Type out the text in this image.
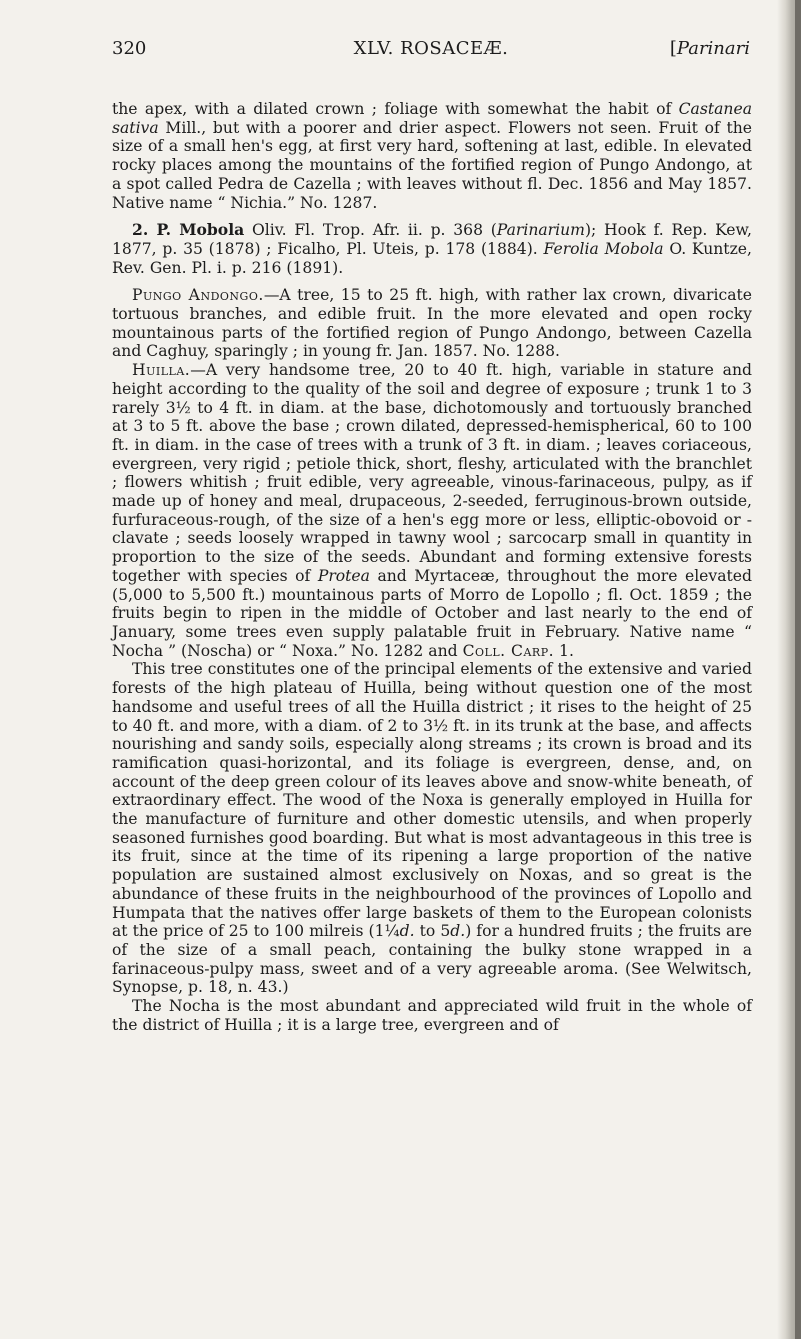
320	XLV. ROSACEÆ.	[Parinari

the apex, with a dilated crown ; foliage with somewhat the habit of Castanea sativa Mill., but with a poorer and drier aspect. Flowers not seen. Fruit of the size of a small hen's egg, at first very hard, softening at last, edible. In elevated rocky places among the mountains of the fortified region of Pungo Andongo, at a spot called Pedra de Cazella ; with leaves without fl. Dec. 1856 and May 1857. Native name “ Nichia.” No. 1287.

2. P. Mobola Oliv. Fl. Trop. Afr. ii. p. 368 (Parinarium); Hook f. Rep. Kew, 1877, p. 35 (1878) ; Ficalho, Pl. Uteis, p. 178 (1884). Ferolia Mobola O. Kuntze, Rev. Gen. Pl. i. p. 216 (1891).

Pungo Andongo.—A tree, 15 to 25 ft. high, with rather lax crown, divaricate tortuous branches, and edible fruit. In the more elevated and open rocky mountainous parts of the fortified region of Pungo Andongo, between Cazella and Caghuy, sparingly ; in young fr. Jan. 1857. No. 1288.

Huilla.—A very handsome tree, 20 to 40 ft. high, variable in stature and height according to the quality of the soil and degree of exposure ; trunk 1 to 3 rarely 3½ to 4 ft. in diam. at the base, dichotomously and tortuously branched at 3 to 5 ft. above the base ; crown dilated, depressed-hemispherical, 60 to 100 ft. in diam. in the case of trees with a trunk of 3 ft. in diam. ; leaves coriaceous, evergreen, very rigid ; petiole thick, short, fleshy, articulated with the branchlet ; flowers whitish ; fruit edible, very agreeable, vinous-farinaceous, pulpy, as if made up of honey and meal, drupaceous, 2-seeded, ferruginous-brown outside, furfuraceous-rough, of the size of a hen's egg more or less, elliptic-obovoid or -clavate ; seeds loosely wrapped in tawny wool ; sarcocarp small in quantity in proportion to the size of the seeds. Abundant and forming extensive forests together with species of Protea and Myrtaceæ, throughout the more elevated (5,000 to 5,500 ft.) mountainous parts of Morro de Lopollo ; fl. Oct. 1859 ; the fruits begin to ripen in the middle of October and last nearly to the end of January, some trees even supply palatable fruit in February. Native name “ Nocha ” (Noscha) or “ Noxa.” No. 1282 and Coll. Carp. 1.

This tree constitutes one of the principal elements of the extensive and varied forests of the high plateau of Huilla, being without question one of the most handsome and useful trees of all the Huilla district ; it rises to the height of 25 to 40 ft. and more, with a diam. of 2 to 3½ ft. in its trunk at the base, and affects nourishing and sandy soils, especially along streams ; its crown is broad and its ramification quasi-horizontal, and its foliage is evergreen, dense, and, on account of the deep green colour of its leaves above and snow-white beneath, of extraordinary effect. The wood of the Noxa is generally employed in Huilla for the manufacture of furniture and other domestic utensils, and when properly seasoned furnishes good boarding. But what is most advantageous in this tree is its fruit, since at the time of its ripening a large proportion of the native population are sustained almost exclusively on Noxas, and so great is the abundance of these fruits in the neighbourhood of the provinces of Lopollo and Humpata that the natives offer large baskets of them to the European colonists at the price of 25 to 100 milreis (1¼d. to 5d.) for a hundred fruits ; the fruits are of the size of a small peach, containing the bulky stone wrapped in a farinaceous-pulpy mass, sweet and of a very agreeable aroma. (See Welwitsch, Synopse, p. 18, n. 43.)

The Nocha is the most abundant and appreciated wild fruit in the whole of the district of Huilla ; it is a large tree, evergreen and of
